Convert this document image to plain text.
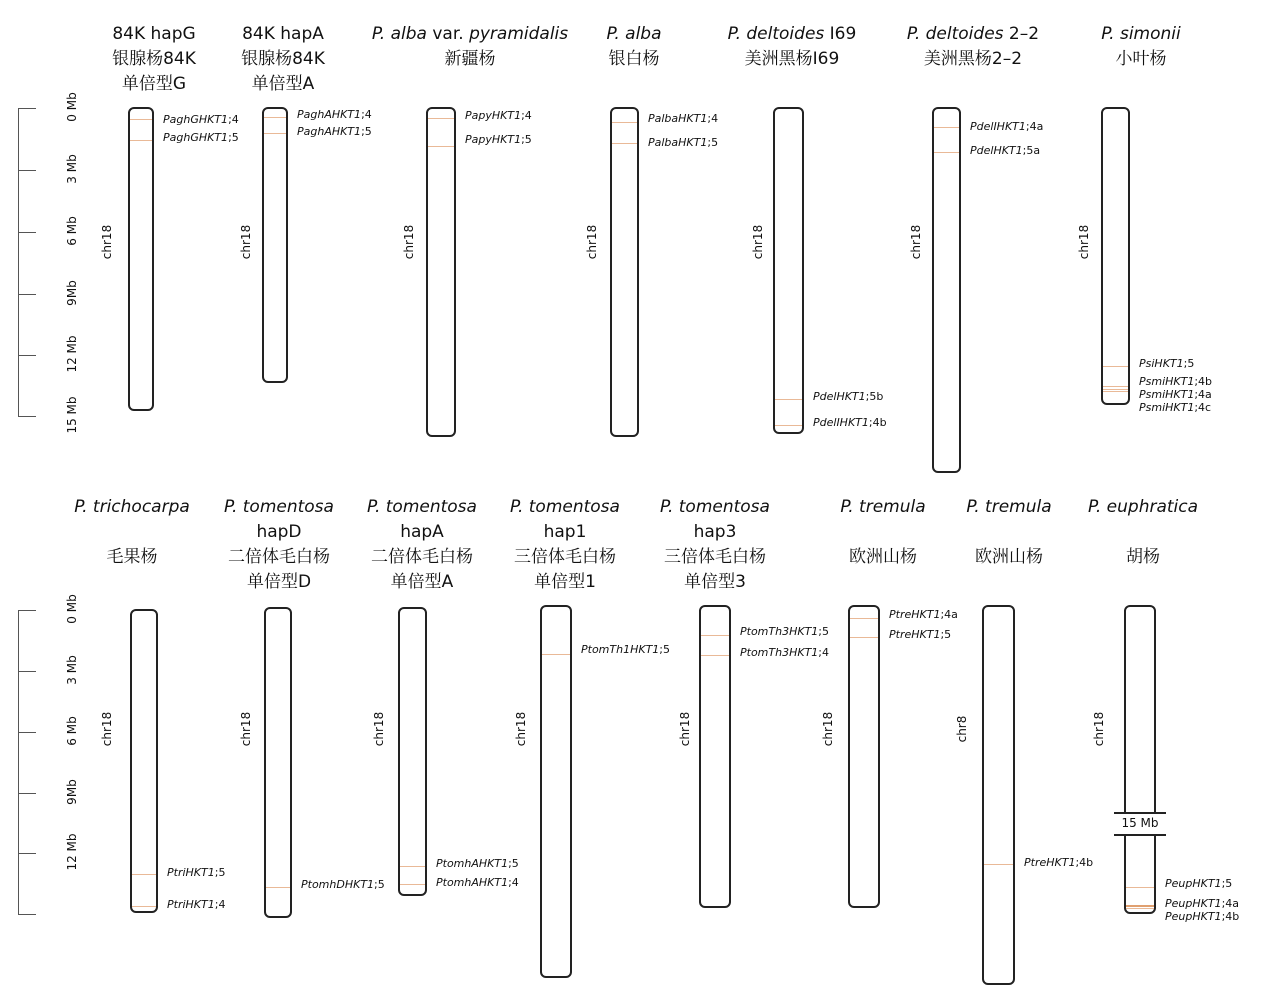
0 Mb
3 Mb
6 Mb
9Mb
12 Mb
15 Mb
0 Mb
3 Mb
6 Mb
9Mb
12 Mb
84K hapG
银腺杨84K
单倍型G
chr18
PaghGHKT1;4
PaghGHKT1;5
84K hapA
银腺杨84K
单倍型A
chr18
PaghAHKT1;4
PaghAHKT1;5
P. alba var. pyramidalis
新疆杨
chr18
PapyHKT1;4
PapyHKT1;5
P. alba
银白杨
chr18
PalbaHKT1;4
PalbaHKT1;5
P. deltoides I69
美洲黑杨I69
chr18
PdelHKT1;5b
PdelIHKT1;4b
P. deltoides 2–2
美洲黑杨2–2
chr18
PdelIHKT1;4a
PdelHKT1;5a
P. simonii
小叶杨
chr18
PsiHKT1;5
PsmiHKT1;4b
PsmiHKT1;4a
PsmiHKT1;4c
P. trichocarpa
毛果杨
chr18
PtriHKT1;5
PtriHKT1;4
P. tomentosa
hapD
二倍体毛白杨
单倍型D
chr18
PtomhDHKT1;5
P. tomentosa
hapA
二倍体毛白杨
单倍型A
chr18
PtomhAHKT1;5
PtomhAHKT1;4
P. tomentosa
hap1
三倍体毛白杨
单倍型1
chr18
PtomTh1HKT1;5
P. tomentosa
hap3
三倍体毛白杨
单倍型3
chr18
PtomTh3HKT1;5
PtomTh3HKT1;4
P. tremula
欧洲山杨
chr18
PtreHKT1;4a
PtreHKT1;5
P. tremula
欧洲山杨
chr8
PtreHKT1;4b
P. euphratica
胡杨
chr18
15 Mb
PeupHKT1;5
PeupHKT1;4a
PeupHKT1;4b
